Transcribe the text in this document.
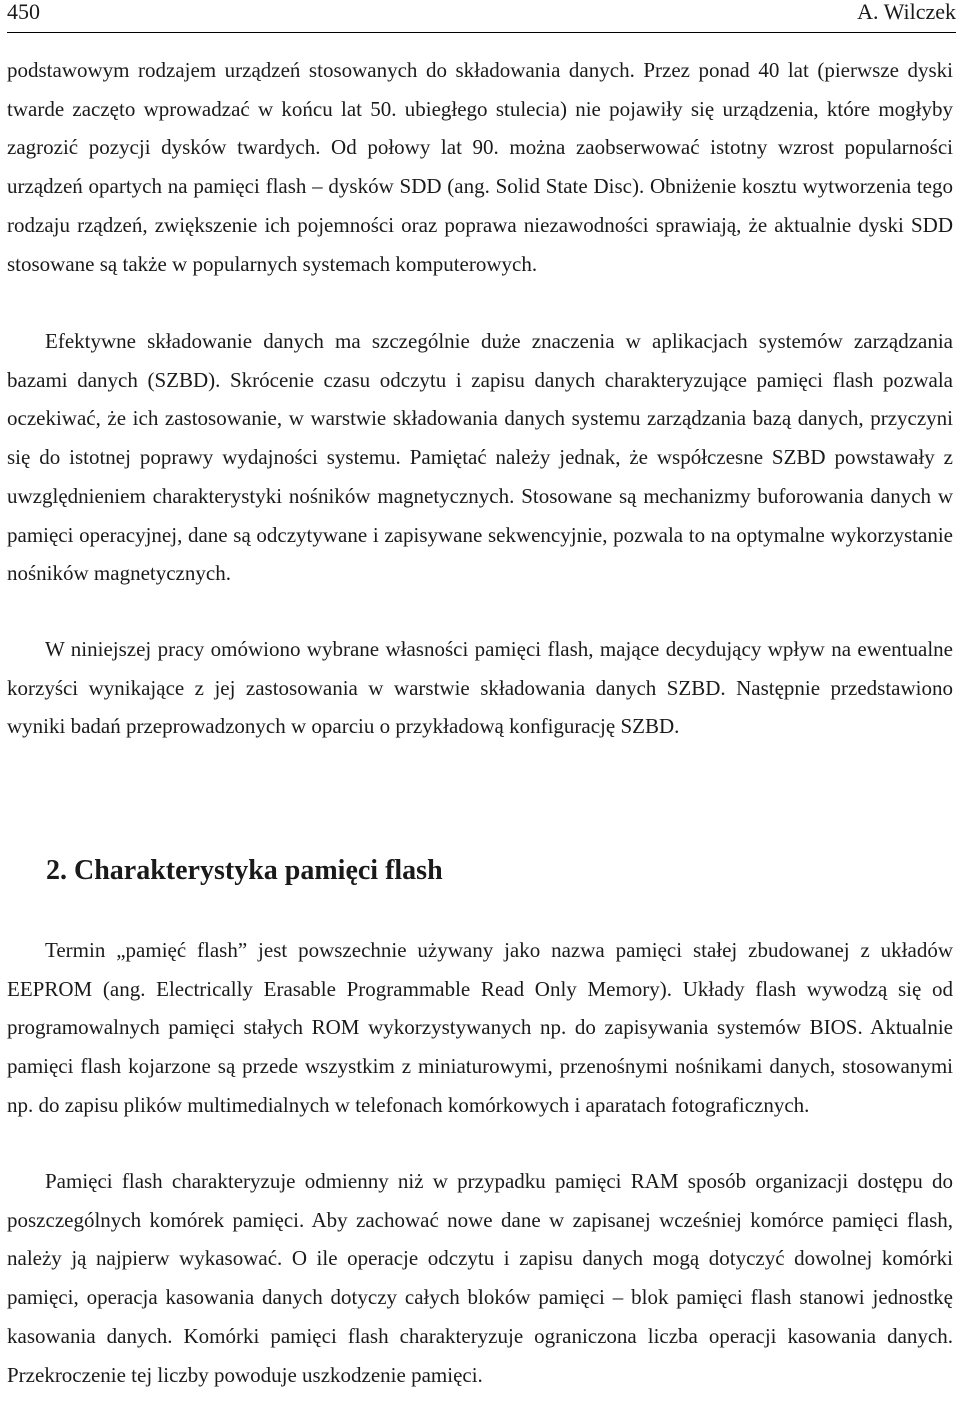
450	A. Wilczek

podstawowym rodzajem urządzeń stosowanych do składowania danych. Przez ponad 40 lat (pierwsze dyski twarde zaczęto wprowadzać w końcu lat 50. ubiegłego stulecia) nie pojawiły się urządzenia, które mogłyby zagrozić pozycji dysków twardych. Od połowy lat 90. można zaobserwować istotny wzrost popularności urządzeń opartych na pamięci flash – dysków SDD (ang. Solid State Disc). Obniżenie kosztu wytworzenia tego rodzaju rządzeń, zwiększenie ich pojemności oraz poprawa niezawodności sprawiają, że aktualnie dyski SDD stosowane są także w popularnych systemach komputerowych.

Efektywne składowanie danych ma szczególnie duże znaczenia w aplikacjach systemów zarządzania bazami danych (SZBD). Skrócenie czasu odczytu i zapisu danych charakteryzujące pamięci flash pozwala oczekiwać, że ich zastosowanie, w warstwie składowania danych systemu zarządzania bazą danych, przyczyni się do istotnej poprawy wydajności systemu. Pamiętać należy jednak, że współczesne SZBD powstawały z uwzględnieniem charakterystyki nośników magnetycznych. Stosowane są mechanizmy buforowania danych w pamięci operacyjnej, dane są odczytywane i zapisywane sekwencyjnie, pozwala to na optymalne wykorzystanie nośników magnetycznych.

W niniejszej pracy omówiono wybrane własności pamięci flash, mające decydujący wpływ na ewentualne korzyści wynikające z jej zastosowania w warstwie składowania danych SZBD. Następnie przedstawiono wyniki badań przeprowadzonych w oparciu o przykładową konfigurację SZBD.

2. Charakterystyka pamięci flash

Termin „pamięć flash” jest powszechnie używany jako nazwa pamięci stałej zbudowanej z układów EEPROM (ang. Electrically Erasable Programmable Read Only Memory). Układy flash wywodzą się od programowalnych pamięci stałych ROM wykorzystywanych np. do zapisywania systemów BIOS. Aktualnie pamięci flash kojarzone są przede wszystkim z miniaturowymi, przenośnymi nośnikami danych, stosowanymi np. do zapisu plików multimedialnych w telefonach komórkowych i aparatach fotograficznych.

Pamięci flash charakteryzuje odmienny niż w przypadku pamięci RAM sposób organizacji dostępu do poszczególnych komórek pamięci. Aby zachować nowe dane w zapisanej wcześniej komórce pamięci flash, należy ją najpierw wykasować. O ile operacje odczytu i zapisu danych mogą dotyczyć dowolnej komórki pamięci, operacja kasowania danych dotyczy całych bloków pamięci – blok pamięci flash stanowi jednostkę kasowania danych. Komórki pamięci flash charakteryzuje ograniczona liczba operacji kasowania danych. Przekroczenie tej liczby powoduje uszkodzenie pamięci.
